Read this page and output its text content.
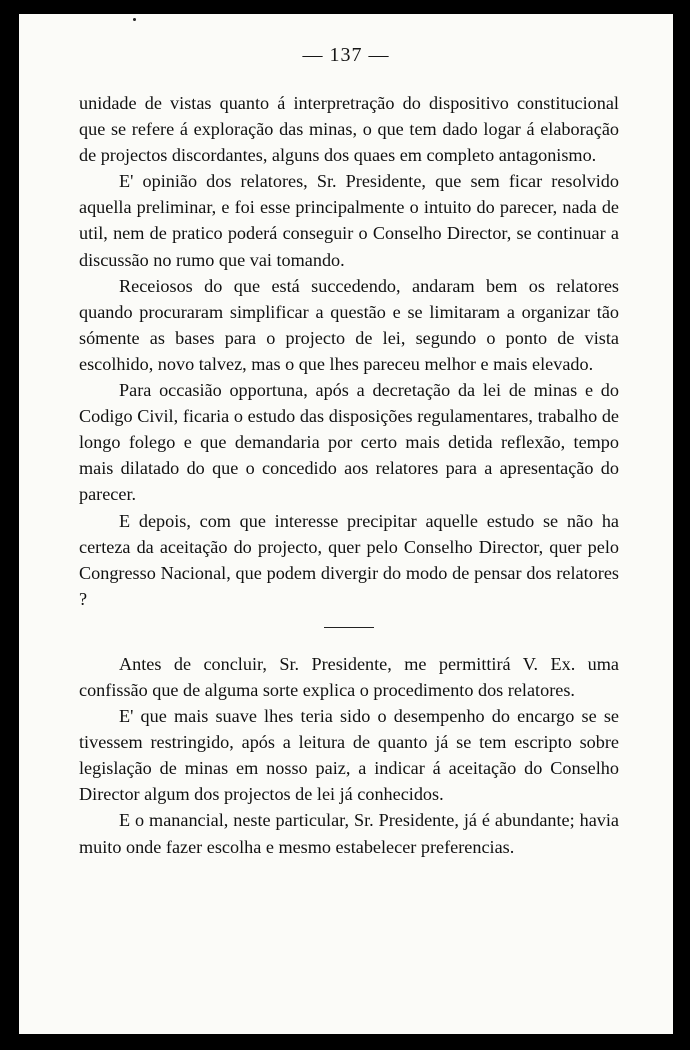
— 137 —

unidade de vistas quanto á interpretração do dispositivo constitucional que se refere á exploração das minas, o que tem dado logar á elaboração de projectos discordantes, alguns dos quaes em completo antagonismo.

E' opinião dos relatores, Sr. Presidente, que sem ficar resolvido aquella preliminar, e foi esse principalmente o intuito do parecer, nada de util, nem de pratico poderá conseguir o Conselho Director, se continuar a discussão no rumo que vai tomando.

Receiosos do que está succedendo, andaram bem os relatores quando procuraram simplificar a questão e se limitaram a organizar tão sómente as bases para o projecto de lei, segundo o ponto de vista escolhido, novo talvez, mas o que lhes pareceu melhor e mais elevado.

Para occasião opportuna, após a decretação da lei de minas e do Codigo Civil, ficaria o estudo das disposições regulamentares, trabalho de longo folego e que demandaria por certo mais detida reflexão, tempo mais dilatado do que o concedido aos relatores para a apresentação do parecer.

E depois, com que interesse precipitar aquelle estudo se não ha certeza da aceitação do projecto, quer pelo Conselho Director, quer pelo Congresso Nacional, que podem divergir do modo de pensar dos relatores ?

Antes de concluir, Sr. Presidente, me permittirá V. Ex. uma confissão que de alguma sorte explica o procedimento dos relatores.

E' que mais suave lhes teria sido o desempenho do encargo se se tivessem restringido, após a leitura de quanto já se tem escripto sobre legislação de minas em nosso paiz, a indicar á aceitação do Conselho Director algum dos projectos de lei já conhecidos.

E o manancial, neste particular, Sr. Presidente, já é abundante; havia muito onde fazer escolha e mesmo estabelecer preferencias.
